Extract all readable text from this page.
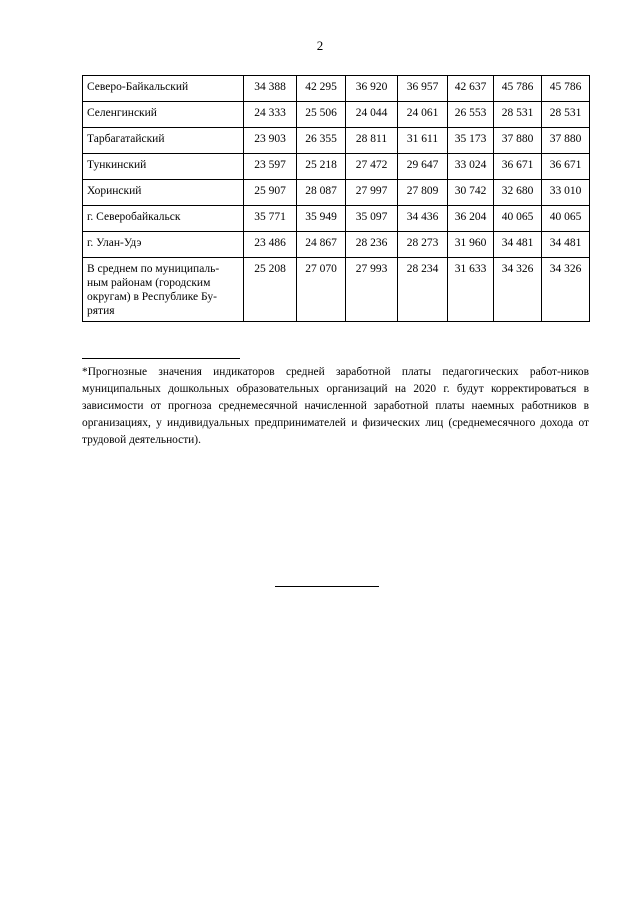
2
Северо-Байкальский	34 388	42 295	36 920	36 957	42 637	45 786	45 786
Селенгинский	24 333	25 506	24 044	24 061	26 553	28 531	28 531
Тарбагатайский	23 903	26 355	28 811	31 611	35 173	37 880	37 880
Тункинский	23 597	25 218	27 472	29 647	33 024	36 671	36 671
Хоринский	25 907	28 087	27 997	27 809	30 742	32 680	33 010
г. Северобайкальск	35 771	35 949	35 097	34 436	36 204	40 065	40 065
г. Улан-Удэ	23 486	24 867	28 236	28 273	31 960	34 481	34 481
В среднем по муниципаль-ным районам (городским округам) в Республике Бу-рятия	25 208	27 070	27 993	28 234	31 633	34 326	34 326
*Прогнозные значения индикаторов средней заработной платы педагогических работ-ников муниципальных дошкольных образовательных организаций на 2020 г. будут корректироваться в зависимости от прогноза среднемесячной начисленной заработной платы наемных работников в организациях, у индивидуальных предпринимателей и физических лиц (среднемесячного дохода от трудовой деятельности).
